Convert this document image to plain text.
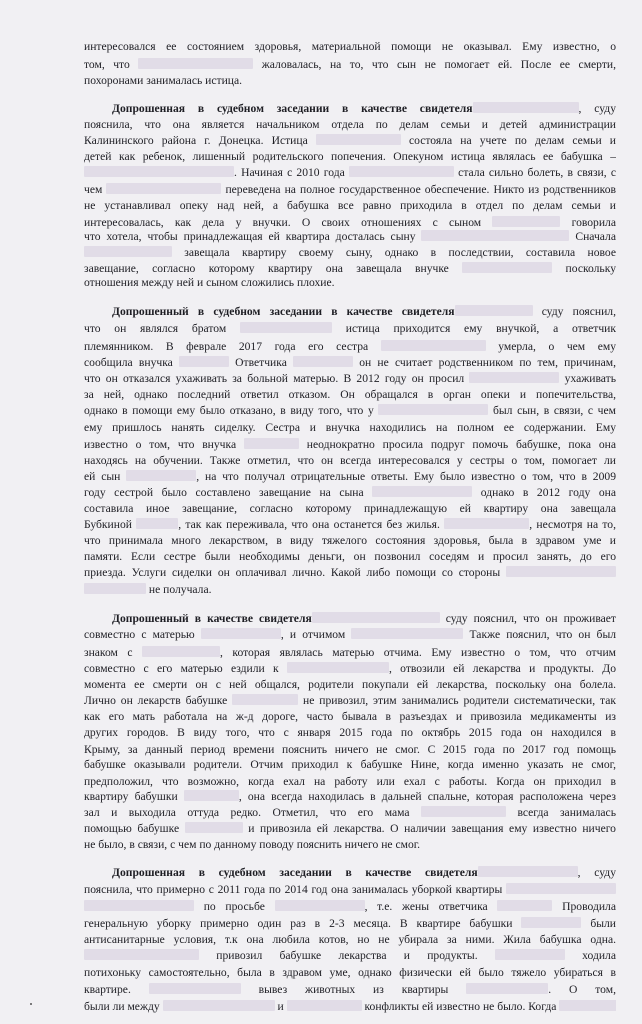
интересовался ее состоянием здоровья, материальной помощи не оказывал. Ему известно, о

том, что	жаловалась, на то, что сын не помогает ей. После ее смерти,

похоронами занималась истица.

Допрошенная в судебном заседании в качестве свидетеля	, суду

пояснила, что она является начальником отдела по делам семьи и детей администрации

Калининского района г. Донецка. Истица	состояла на учете по делам семьи и

детей как ребенок, лишенный родительского попечения. Опекуном истица являлась ее бабушка –

. Начиная с 2010 года	стала сильно болеть, в связи, с

чем	переведена на полное государственное обеспечение. Никто из родственников

не устанавливал опеку над ней, а бабушка все равно приходила в отдел по делам семьи и

интересовалась, как дела у внучки. О своих отношениях с сыном	говорила

что хотела, чтобы принадлежащая ей квартира досталась сыну	Сначала

завещала квартиру своему сыну, однако в последствии, составила новое

завещание, согласно которому квартиру она завещала внучке	поскольку

отношения между ней и сыном сложились плохие.

Допрошенный в судебном заседании в качестве свидетеля	суду пояснил,

что он являлся братом	истица приходится ему внучкой, а ответчик

племянником. В феврале 2017 года его сестра	умерла, о чем ему

сообщила внучка	Ответчика	он не считает родственником по тем, причинам,

что он отказался ухаживать за больной матерью. В 2012 году он просил	ухаживать

за ней, однако последний ответил отказом. Он обращался в орган опеки и попечительства,

однако в помощи ему было отказано, в виду того, что у	был сын, в связи, с чем

ему пришлось нанять сиделку. Сестра и внучка находились на полном ее содержании. Ему

известно о том, что внучка	неоднократно просила подруг помочь бабушке, пока она

находясь на обучении. Также отметил, что он всегда интересовался у сестры о том, помогает ли

ей сын	, на что получал отрицательные ответы. Ему было известно о том, что в 2009

году сестрой было составлено завещание на сына	однако в 2012 году она

составила иное завещание, согласно которому принадлежащую ей квартиру она завещала

Бубкиной	, так как переживала, что она останется без жилья.	, несмотря на то,

что принимала много лекарством, в виду тяжелого состояния здоровья, была в здравом уме и

памяти. Если сестре были необходимы деньги, он позвонил соседям и просил занять, до его

приезда. Услуги сиделки он оплачивал лично. Какой либо помощи со стороны

не получала.

Допрошенный в качестве свидетеля	суду пояснил, что он проживает

совместно с матерью	, и отчимом	Также пояснил, что он был

знаком с	, которая являлась матерью отчима. Ему известно о том, что отчим

совместно с его матерью ездили к	, отвозили ей лекарства и продукты. До

момента ее смерти он с ней общался, родители покупали ей лекарства, поскольку она болела.

Лично он лекарств бабушке	не привозил, этим занимались родители систематически, так

как его мать работала на ж-д дороге, часто бывала в разъездах и привозила медикаменты из

других городов. В виду того, что с января 2015 года по октябрь 2015 года он находился в

Крыму, за данный период времени пояснить ничего не смог. С 2015 года по 2017 год помощь

бабушке оказывали родители. Отчим приходил к бабушке Нине, когда именно указать не смог,

предположил, что возможно, когда ехал на работу или ехал с работы. Когда он приходил в

квартиру бабушки	, она всегда находилась в дальней спальне, которая расположена через

зал и выходила оттуда редко. Отметил, что его мама	всегда занималась

помощью бабушке	и привозила ей лекарства. О наличии завещания ему известно ничего

не было, в связи, с чем по данному поводу пояснить ничего не смог.

Допрошенная в судебном заседании в качестве свидетеля	, суду

пояснила, что примерно с 2011 года по 2014 год она занималась уборкой квартиры

по просьбе	, т.е. жены ответчика	Проводила

генеральную уборку примерно один раз в 2-3 месяца. В квартире бабушки	были

антисанитарные условия, т.к она любила котов, но не убирала за ними. Жила бабушка одна.

привозил бабушке лекарства и продукты.	ходила

потихоньку самостоятельно, была в здравом уме, однако физически ей было тяжело убираться в

квартире.	вывез животных из квартиры	. О том,

были ли между	и	конфликты ей известно не было. Когда
